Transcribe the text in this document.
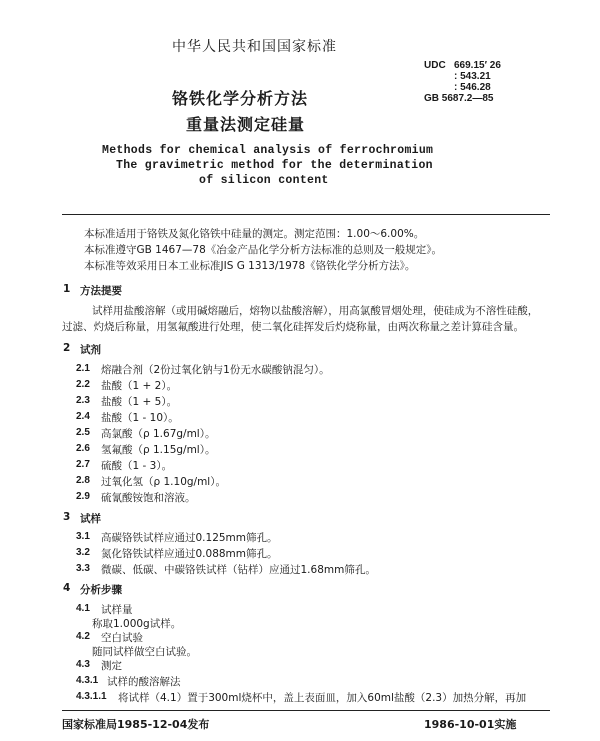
中华人民共和国国家标准
UDC 669.15′ 26
: 543.21
: 546.28
GB 5687.2—85
铬铁化学分析方法
重量法测定硅量
Methods for chemical analysis of ferrochromium
The gravimetric method for the determination
of silicon content
本标准适用于铬铁及氮化铬铁中硅量的测定。测定范围：1.00～6.00%。
本标准遵守GB 1467—78《冶金产品化学分析方法标准的总则及一般规定》。
本标准等效采用日本工业标准JIS G 1313/1978《铬铁化学分析方法》。
1 方法提要
试样用盐酸溶解（或用碱熔融后，熔物以盐酸溶解），用高氯酸冒烟处理，使硅成为不溶性硅酸，
过滤、灼烧后称量，用氢氟酸进行处理，使二氧化硅挥发后灼烧称量，由两次称量之差计算硅含量。
2 试剂
2.1 熔融合剂（2份过氧化钠与1份无水碳酸钠混匀）。
2.2 盐酸（1 + 2）。
2.3 盐酸（1 + 5）。
2.4 盐酸（1 - 10）。
2.5 高氯酸（ρ 1.67g/ml）。
2.6 氢氟酸（ρ 1.15g/ml）。
2.7 硫酸（1 - 3）。
2.8 过氧化氢（ρ 1.10g/ml）。
2.9 硫氰酸铵饱和溶液。
3 试样
3.1 高碳铬铁试样应通过0.125mm筛孔。
3.2 氮化铬铁试样应通过0.088mm筛孔。
3.3 微碳、低碳、中碳铬铁试样（钻样）应通过1.68mm筛孔。
4 分析步骤
4.1 试样量
称取1.000g试样。
4.2 空白试验
随同试样做空白试验。
4.3 测定
4.3.1 试样的酸溶解法
4.3.1.1 将试样（4.1）置于300ml烧杯中，盖上表面皿，加入60ml盐酸（2.3）加热分解，再加
国家标准局1985-12-04发布	1986-10-01实施
